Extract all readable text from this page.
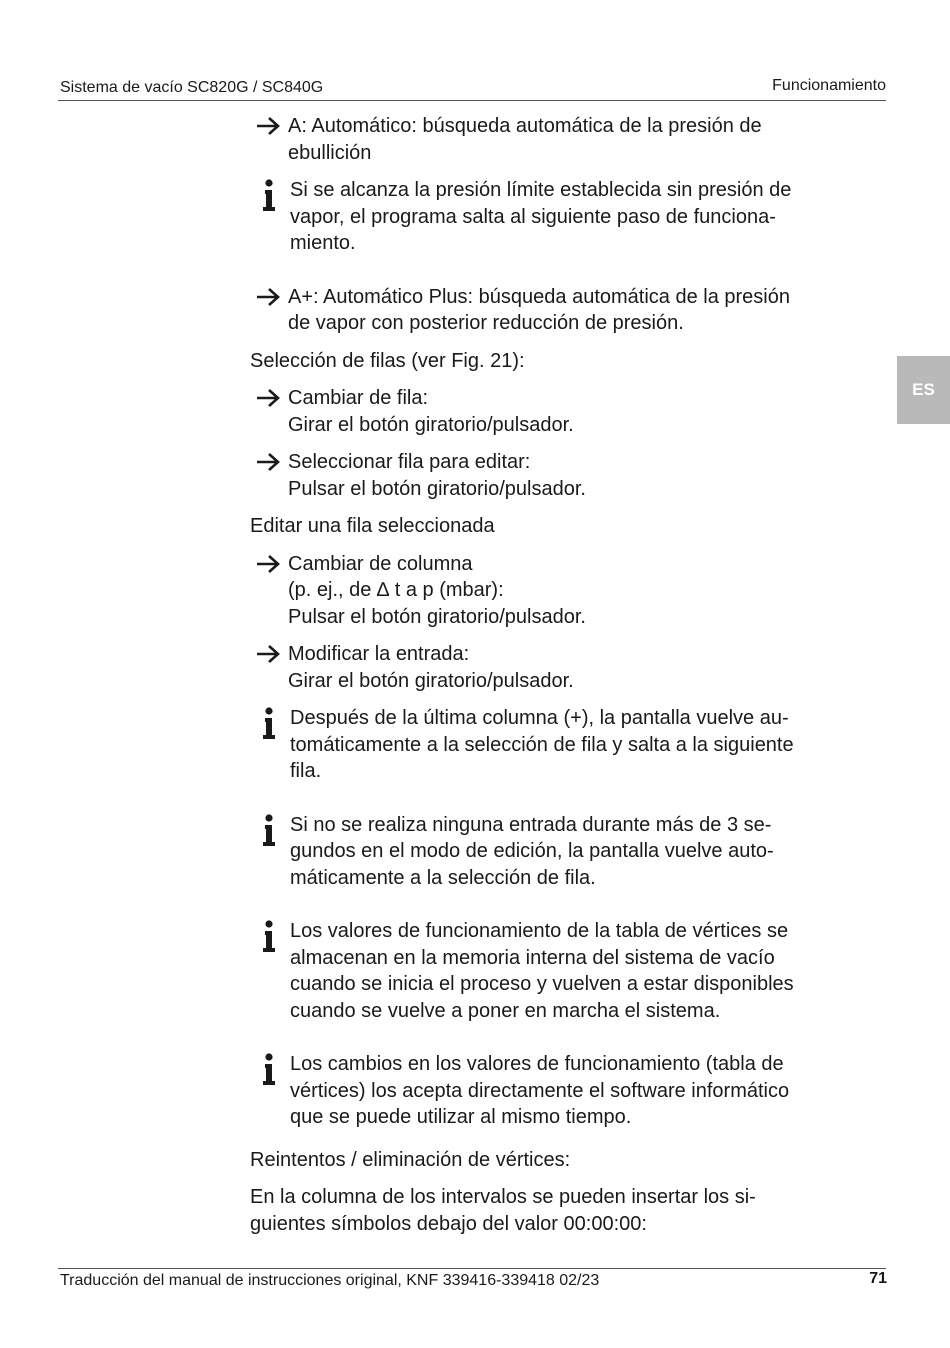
Sistema de vacío SC820G / SC840G	Funcionamiento
ES
A: Automático: búsqueda automática de la presión de
ebullición
Si se alcanza la presión límite establecida sin presión de
vapor, el programa salta al siguiente paso de funciona-
miento.
A+: Automático Plus: búsqueda automática de la presión
de vapor con posterior reducción de presión.
Selección de filas (ver Fig. 21):
Cambiar de fila:
Girar el botón giratorio/pulsador.
Seleccionar fila para editar:
Pulsar el botón giratorio/pulsador.
Editar una fila seleccionada
Cambiar de columna
(p. ej., de ∆ t a p (mbar):
Pulsar el botón giratorio/pulsador.
Modificar la entrada:
Girar el botón giratorio/pulsador.
Después de la última columna (+), la pantalla vuelve au-
tomáticamente a la selección de fila y salta a la siguiente
fila.
Si no se realiza ninguna entrada durante más de 3 se-
gundos en el modo de edición, la pantalla vuelve auto-
máticamente a la selección de fila.
Los valores de funcionamiento de la tabla de vértices se
almacenan en la memoria interna del sistema de vacío
cuando se inicia el proceso y vuelven a estar disponibles
cuando se vuelve a poner en marcha el sistema.
Los cambios en los valores de funcionamiento (tabla de
vértices) los acepta directamente el software informático
que se puede utilizar al mismo tiempo.
Reintentos / eliminación de vértices:
En la columna de los intervalos se pueden insertar los si-
guientes símbolos debajo del valor 00:00:00:
Traducción del manual de instrucciones original, KNF 339416-339418 02/23	71
